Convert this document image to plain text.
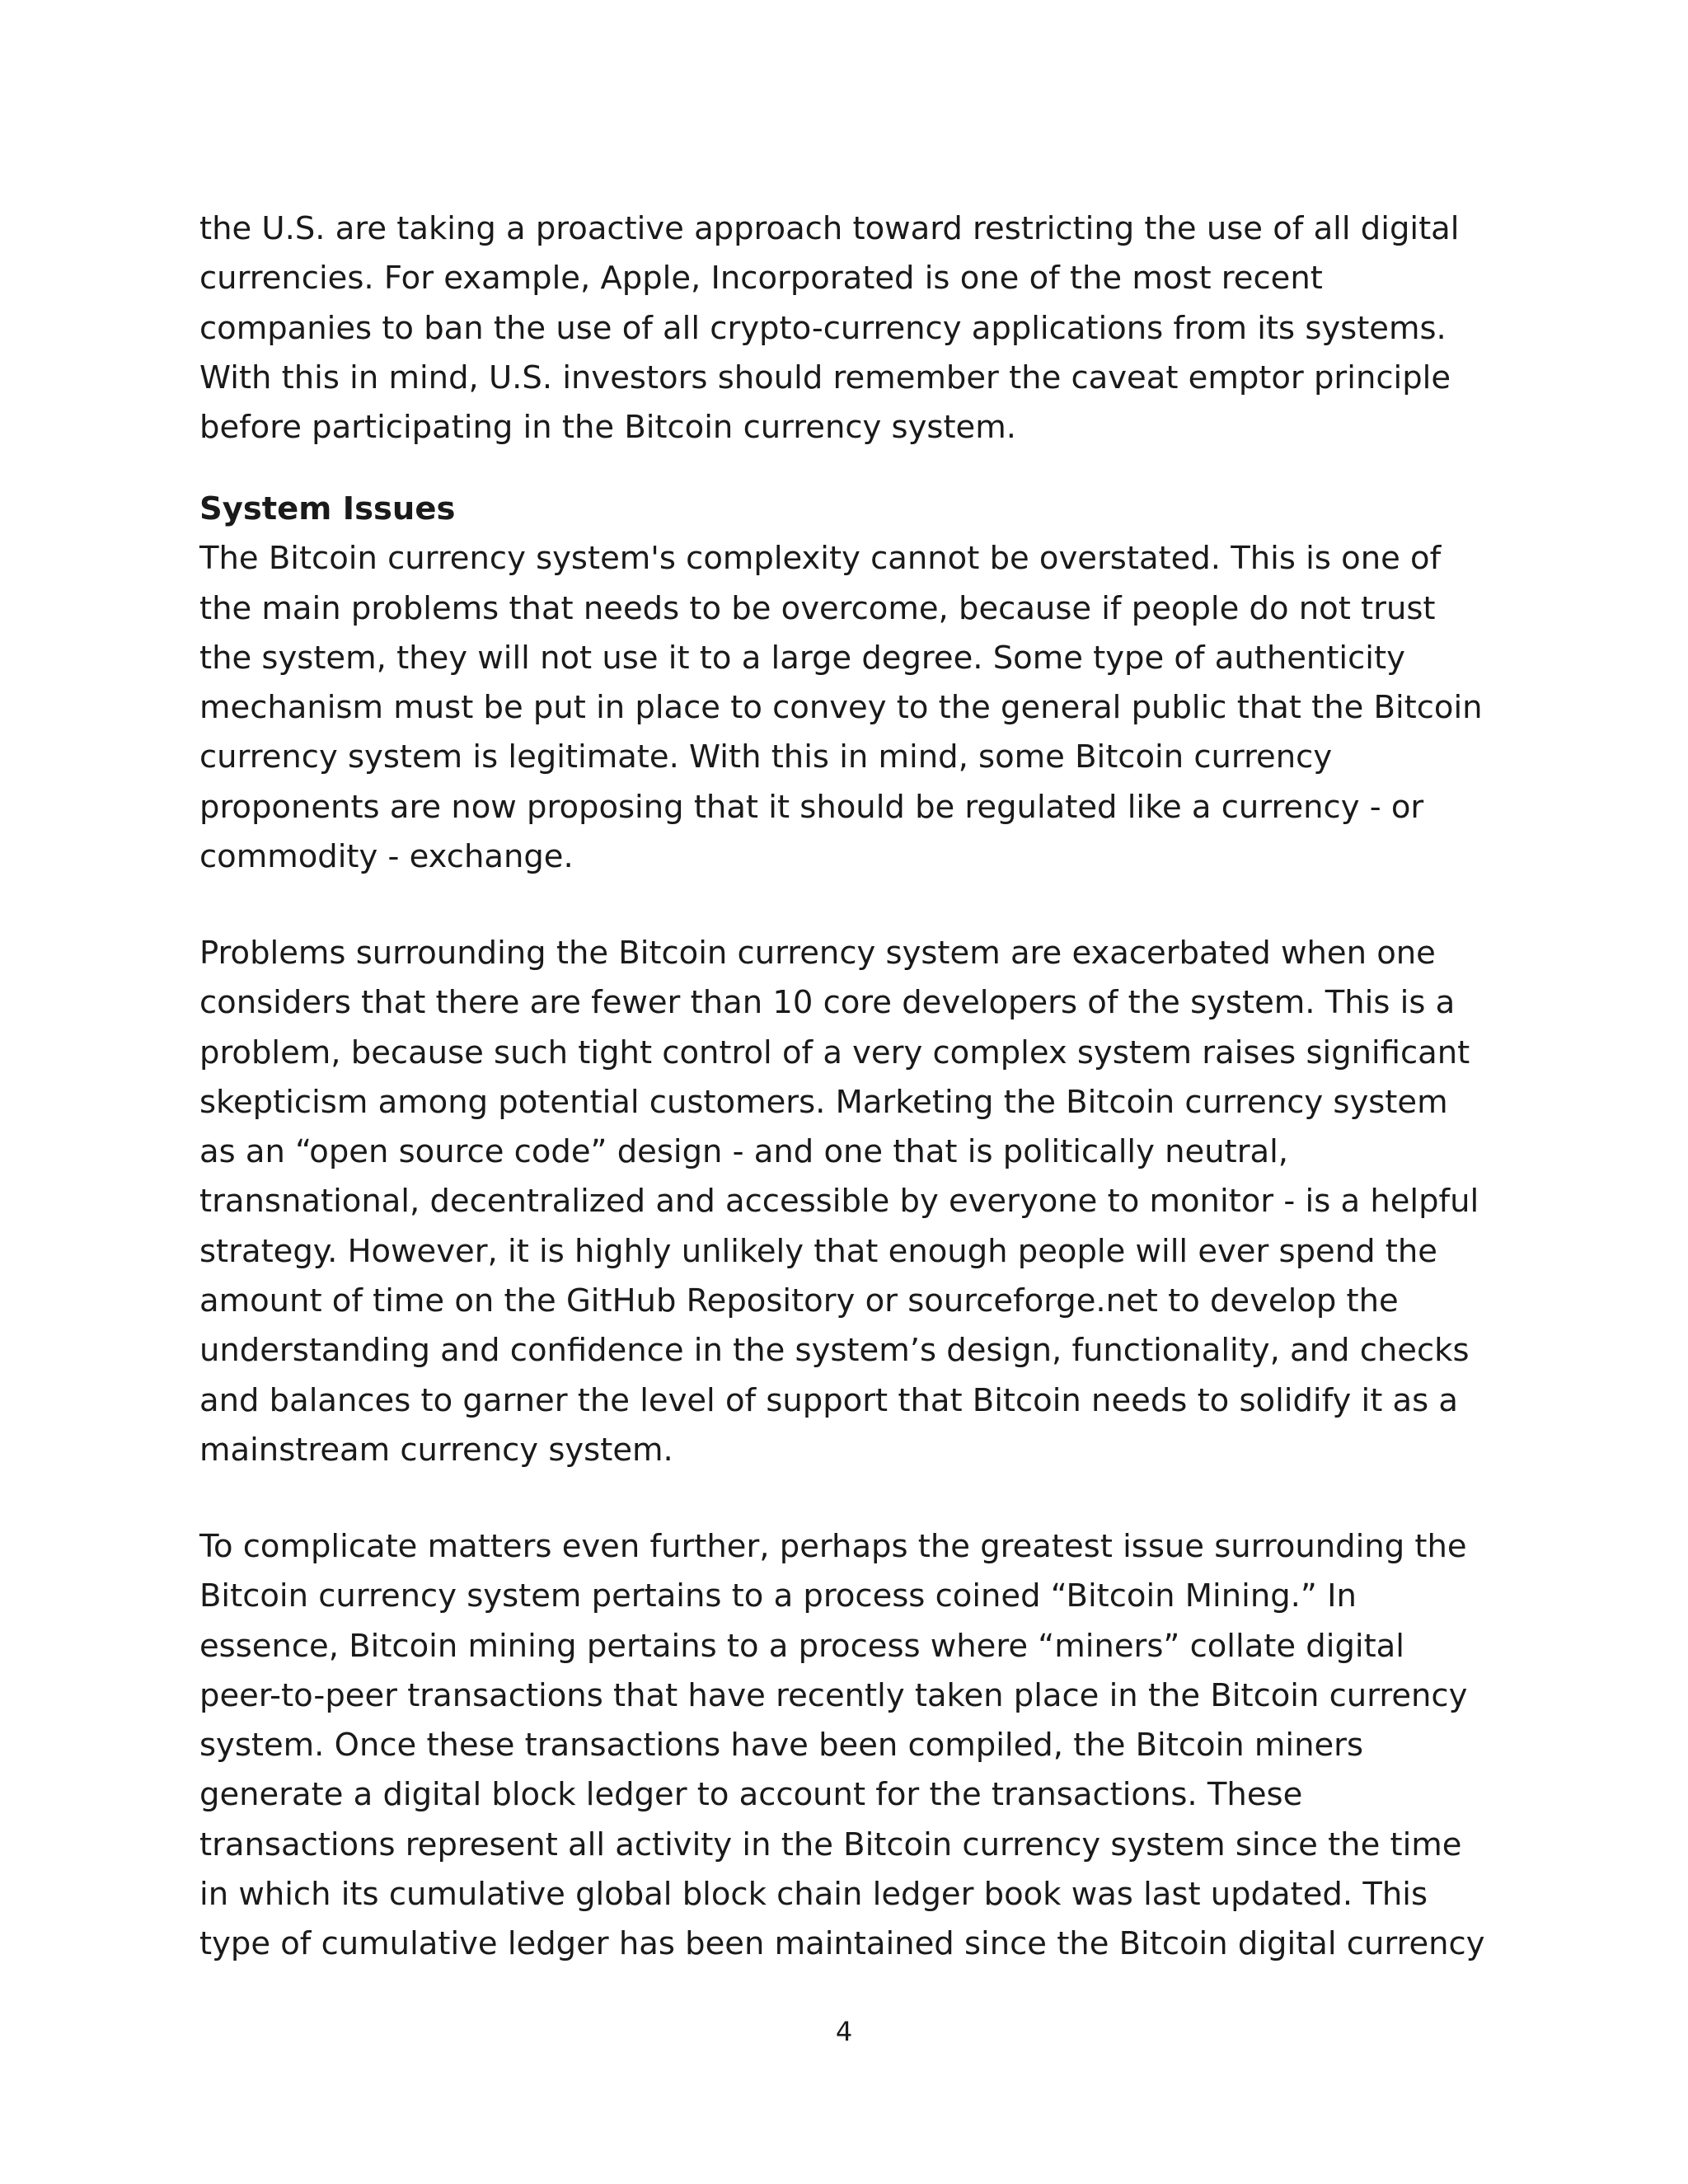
the U.S. are taking a proactive approach toward restricting the use of all digital
currencies. For example, Apple, Incorporated is one of the most recent
companies to ban the use of all crypto-currency applications from its systems.
With this in mind, U.S. investors should remember the caveat emptor principle
before participating in the Bitcoin currency system.
System Issues
The Bitcoin currency system's complexity cannot be overstated. This is one of
the main problems that needs to be overcome, because if people do not trust
the system, they will not use it to a large degree. Some type of authenticity
mechanism must be put in place to convey to the general public that the Bitcoin
currency system is legitimate. With this in mind, some Bitcoin currency
proponents are now proposing that it should be regulated like a currency - or
commodity - exchange.
Problems surrounding the Bitcoin currency system are exacerbated when one
considers that there are fewer than 10 core developers of the system. This is a
problem, because such tight control of a very complex system raises significant
skepticism among potential customers. Marketing the Bitcoin currency system
as an “open source code” design - and one that is politically neutral,
transnational, decentralized and accessible by everyone to monitor - is a helpful
strategy. However, it is highly unlikely that enough people will ever spend the
amount of time on the GitHub Repository or sourceforge.net to develop the
understanding and confidence in the system’s design, functionality, and checks
and balances to garner the level of support that Bitcoin needs to solidify it as a
mainstream currency system.
To complicate matters even further, perhaps the greatest issue surrounding the
Bitcoin currency system pertains to a process coined “Bitcoin Mining.” In
essence, Bitcoin mining pertains to a process where “miners” collate digital
peer-to-peer transactions that have recently taken place in the Bitcoin currency
system. Once these transactions have been compiled, the Bitcoin miners
generate a digital block ledger to account for the transactions. These
transactions represent all activity in the Bitcoin currency system since the time
in which its cumulative global block chain ledger book was last updated. This
type of cumulative ledger has been maintained since the Bitcoin digital currency
4
